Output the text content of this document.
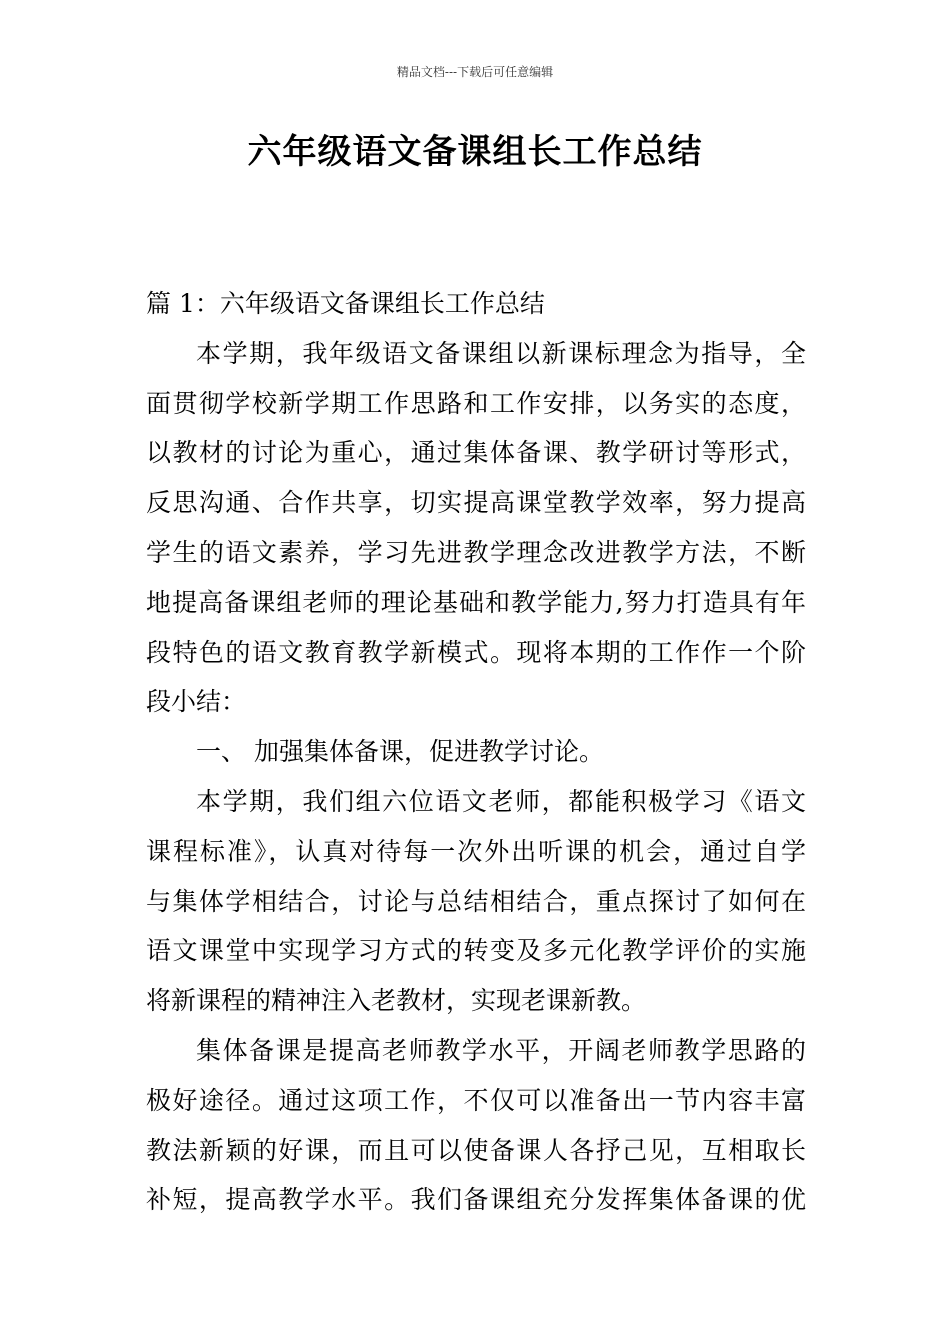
精品文档---下载后可任意编辑
六年级语文备课组长工作总结
篇 1：六年级语文备课组长工作总结
本学期，我年级语文备课组以新课标理念为指导，全
面贯彻学校新学期工作思路和工作安排，以务实的态度，
以教材的讨论为重心，通过集体备课、教学研讨等形式，
反思沟通、合作共享，切实提高课堂教学效率，努力提高
学生的语文素养，学习先进教学理念改进教学方法，不断
地提高备课组老师的理论基础和教学能力,努力打造具有年
段特色的语文教育教学新模式。现将本期的工作作一个阶
段小结：
一、 加强集体备课，促进教学讨论。
本学期，我们组六位语文老师，都能积极学习《语文
课程标准》，认真对待每一次外出听课的机会，通过自学
与集体学相结合，讨论与总结相结合，重点探讨了如何在
语文课堂中实现学习方式的转变及多元化教学评价的实施
将新课程的精神注入老教材，实现老课新教。
集体备课是提高老师教学水平，开阔老师教学思路的
极好途径。通过这项工作，不仅可以准备出一节内容丰富
教法新颖的好课，而且可以使备课人各抒己见，互相取长
补短，提高教学水平。我们备课组充分发挥集体备课的优
